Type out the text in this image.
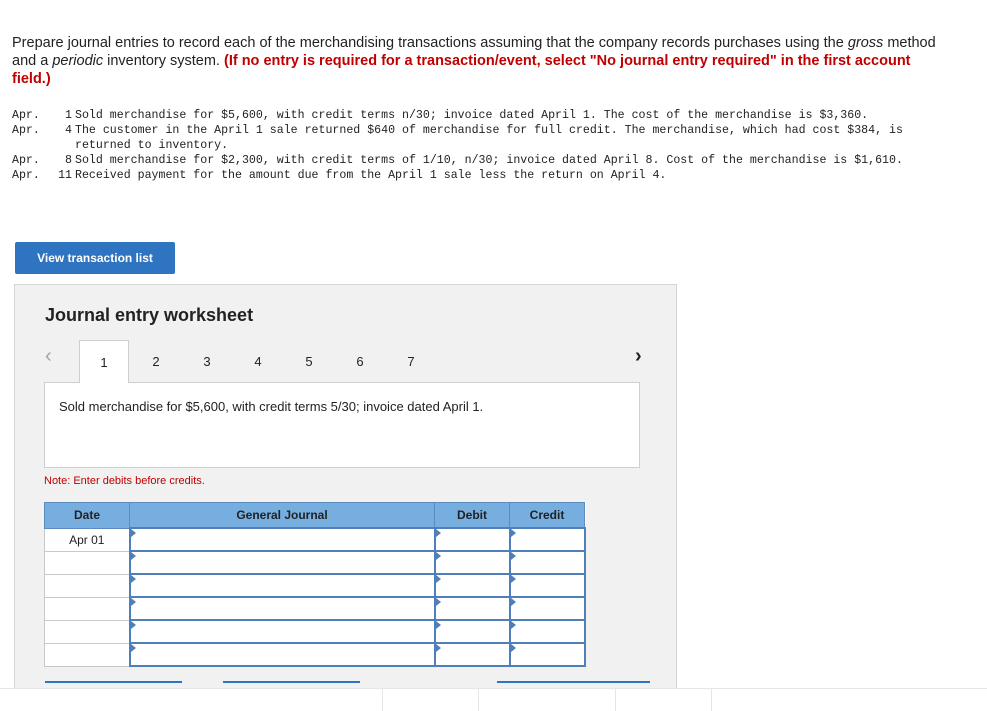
Prepare journal entries to record each of the merchandising transactions assuming that the company records purchases using the gross method and a periodic inventory system. (If no entry is required for a transaction/event, select "No journal entry required" in the first account field.)
Apr.	1 Sold merchandise for $5,600, with credit terms n/30; invoice dated April 1. The cost of the merchandise is $3,360.
Apr.	4 The customer in the April 1 sale returned $640 of merchandise for full credit. The merchandise, which had cost $384, is returned to inventory.
Apr.	8 Sold merchandise for $2,300, with credit terms of 1/10, n/30; invoice dated April 8. Cost of the merchandise is $1,610.
Apr.	11 Received payment for the amount due from the April 1 sale less the return on April 4.
View transaction list
Journal entry worksheet
‹	1	2	3	4	5	6	7	›
Sold merchandise for $5,600, with credit terms 5/30; invoice dated April 1.
Note: Enter debits before credits.
Date	General Journal	Debit	Credit
Apr 01			
